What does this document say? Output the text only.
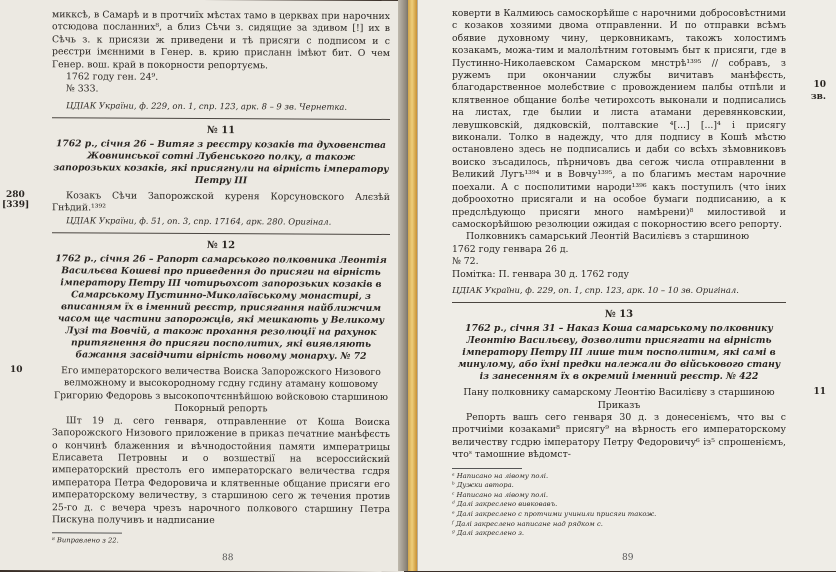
микксѣ, в Самарѣ и в протчиїх мѣстах тамо в церквах при нарочних отсюдова посланних⁸, а близ Сѣчи з. сидящие за здивом [!] их в Сѣчь з. к присязи ж приведени и тѣ присяги с подписом и с реєстри імєнними в Генер. в. крию присланн імѣют бит. О чем Генер. вош. край в покорности репортуємь.

1762 году ген. 24⁹.

№ 333.

ЦДІАК України, ф. 229, оп. 1, спр. 123, арк. 8 – 9 зв. Чернетка.

№ 11

1762 р., січня 26 – Витяг з реєстру козаків та духовенства Жовнинської сотні Лубенського полку, а також запорозьких козаків, які присягнули на вірність імператору Петру III

280
[339]

Козакъ Сѣчи Запорожской куреня Корсуновского Алєзѣй Гнѣдий.¹³⁹²

ЦДІАК України, ф. 51, оп. 3, спр. 17164, арк. 280. Оригінал.

№ 12

1762 р., січня 26 – Рапорт самарського полковника Леонтія Васильєва Кошеві про приведення до присяги на вірність імператору Петру III чотирьохсот запорозьких козаків в Самарському Пустинно-Миколаївському монастирі, з вписанням їх в іменний реєстр, присягання найближчим часом ще частини запорожців, які мешкають у Великому Лузі та Вовчій, а також прохання резолюції на рахунок притягнення до присяги посполитих, які виявляють бажання засвідчити вірність новому монарху. № 72

10	Его императорского величества Воиска Запорожского Низового велможному и высокородному гсдну гсдину атаману кошовому Григорию Федоровь з высокопочтєннѣйшою войсковою старшиною

Покорный репорть

Шт 19 д. сего генваря, отправленние от Коша Воиска Запорожского Низового приложение в приказ печатние манѣфєсть о кончинѣ блаженния и вѣчнодостойния памяти императрицы Елисавета Петровны и о возшествії на всероссийский императорский престолъ его императорскаго величества гсдря императора Петра Федоровича и клятвенные общание присяги его императорскому величеству, з старшиною сего ж течения против 25-го д. с вечера чрезъ нарочного полкового старшину Петра Пискуна получивъ и надписание

⁸ Виправлено з 22.

88
10
зв.

коверти в Калмиюсь самоскорѣйше с нарочними добросовѣстними с козаков хозяими двома отправленни. И по отправки всѣмъ обявие духовному чину, церковникамъ, такожъ холостимъ козакамъ, можа-тим и малолѣтним готовымъ быт к присяги, где в Пустинно-Николаевском Самарском мнстрѣ¹³⁹⁵ // собравъ, з ружемъ при окончании службы вичитавъ манѣфєсть, благодарственное молебствие с провождением палбы отпѣли и клятвенное общание болѣе четирохсоть выконали и подписались на листах, где былии и листа атамани деревянковскии, левушковскій, дядковскій, полтавские ⁴[...] [...]⁴ і присягу виконали. Толко в надежду, что для подпису в Кошѣ мѣстю остановлено здесь не подписались и даби со всѣхъ зѣмовниковъ воиско зъсадилось, пѣрничовъ два сегож числа отправленни в Великий Лугъ¹³⁹⁴ и в Вовчу¹³⁹⁵, а по благимъ местам нарочние поехали. А с посполитими народи¹³⁹⁶ какъ поступилъ (что іних доброохотно присягали и на особое бумаги подписанию, а к предслѣдующо присяги много намѣрени)⁸ милостивой и самоскорѣйшою резолюции ожидая с покорностию всего репорту.

Полковникъ самарський Леонтій Василієвъ з старшиною

1762 году генвара 26 д.

№ 72.

Помітка: П. генвара 30 д. 1762 году

ЦДІАК України, ф. 229, оп. 1, спр. 123, арк. 10 – 10 зв. Оригінал.

№ 13

1762 р., січня 31 – Наказ Коша самарському полковнику Леонтію Васильєву, дозволити присягати на вірність імператору Петру III лише тим посполитим, які самі в минулому, або їхні предки належали до військового стану із занесенням їх в окремий іменний реєстр. № 422

11

Пану полковнику самарскому Леонтію Василієву з старшиною

Приказъ

Репорть вашъ сего генваря 30 д. з донесеніємъ, что вы с протчиіми козаками⁸ присягу⁹ на вѣрность его императорскому величеству гсдрю імператору Петру Федоровичу⁶ із⁵ спрошеніємъ, чтоˢ тамошние вѣдомст-

ᵃ Написано на лівому полі.

ᵇ Дужки автора.

ᶜ Написано на лівому полі.

ᵈ Далі закреслено вивковавъ.

ᵉ Далі закреслено с протчими учинили присяги також.

ᶠ Далі закреслено написане над рядком с.

ᵍ Далі закреслено з.

89
